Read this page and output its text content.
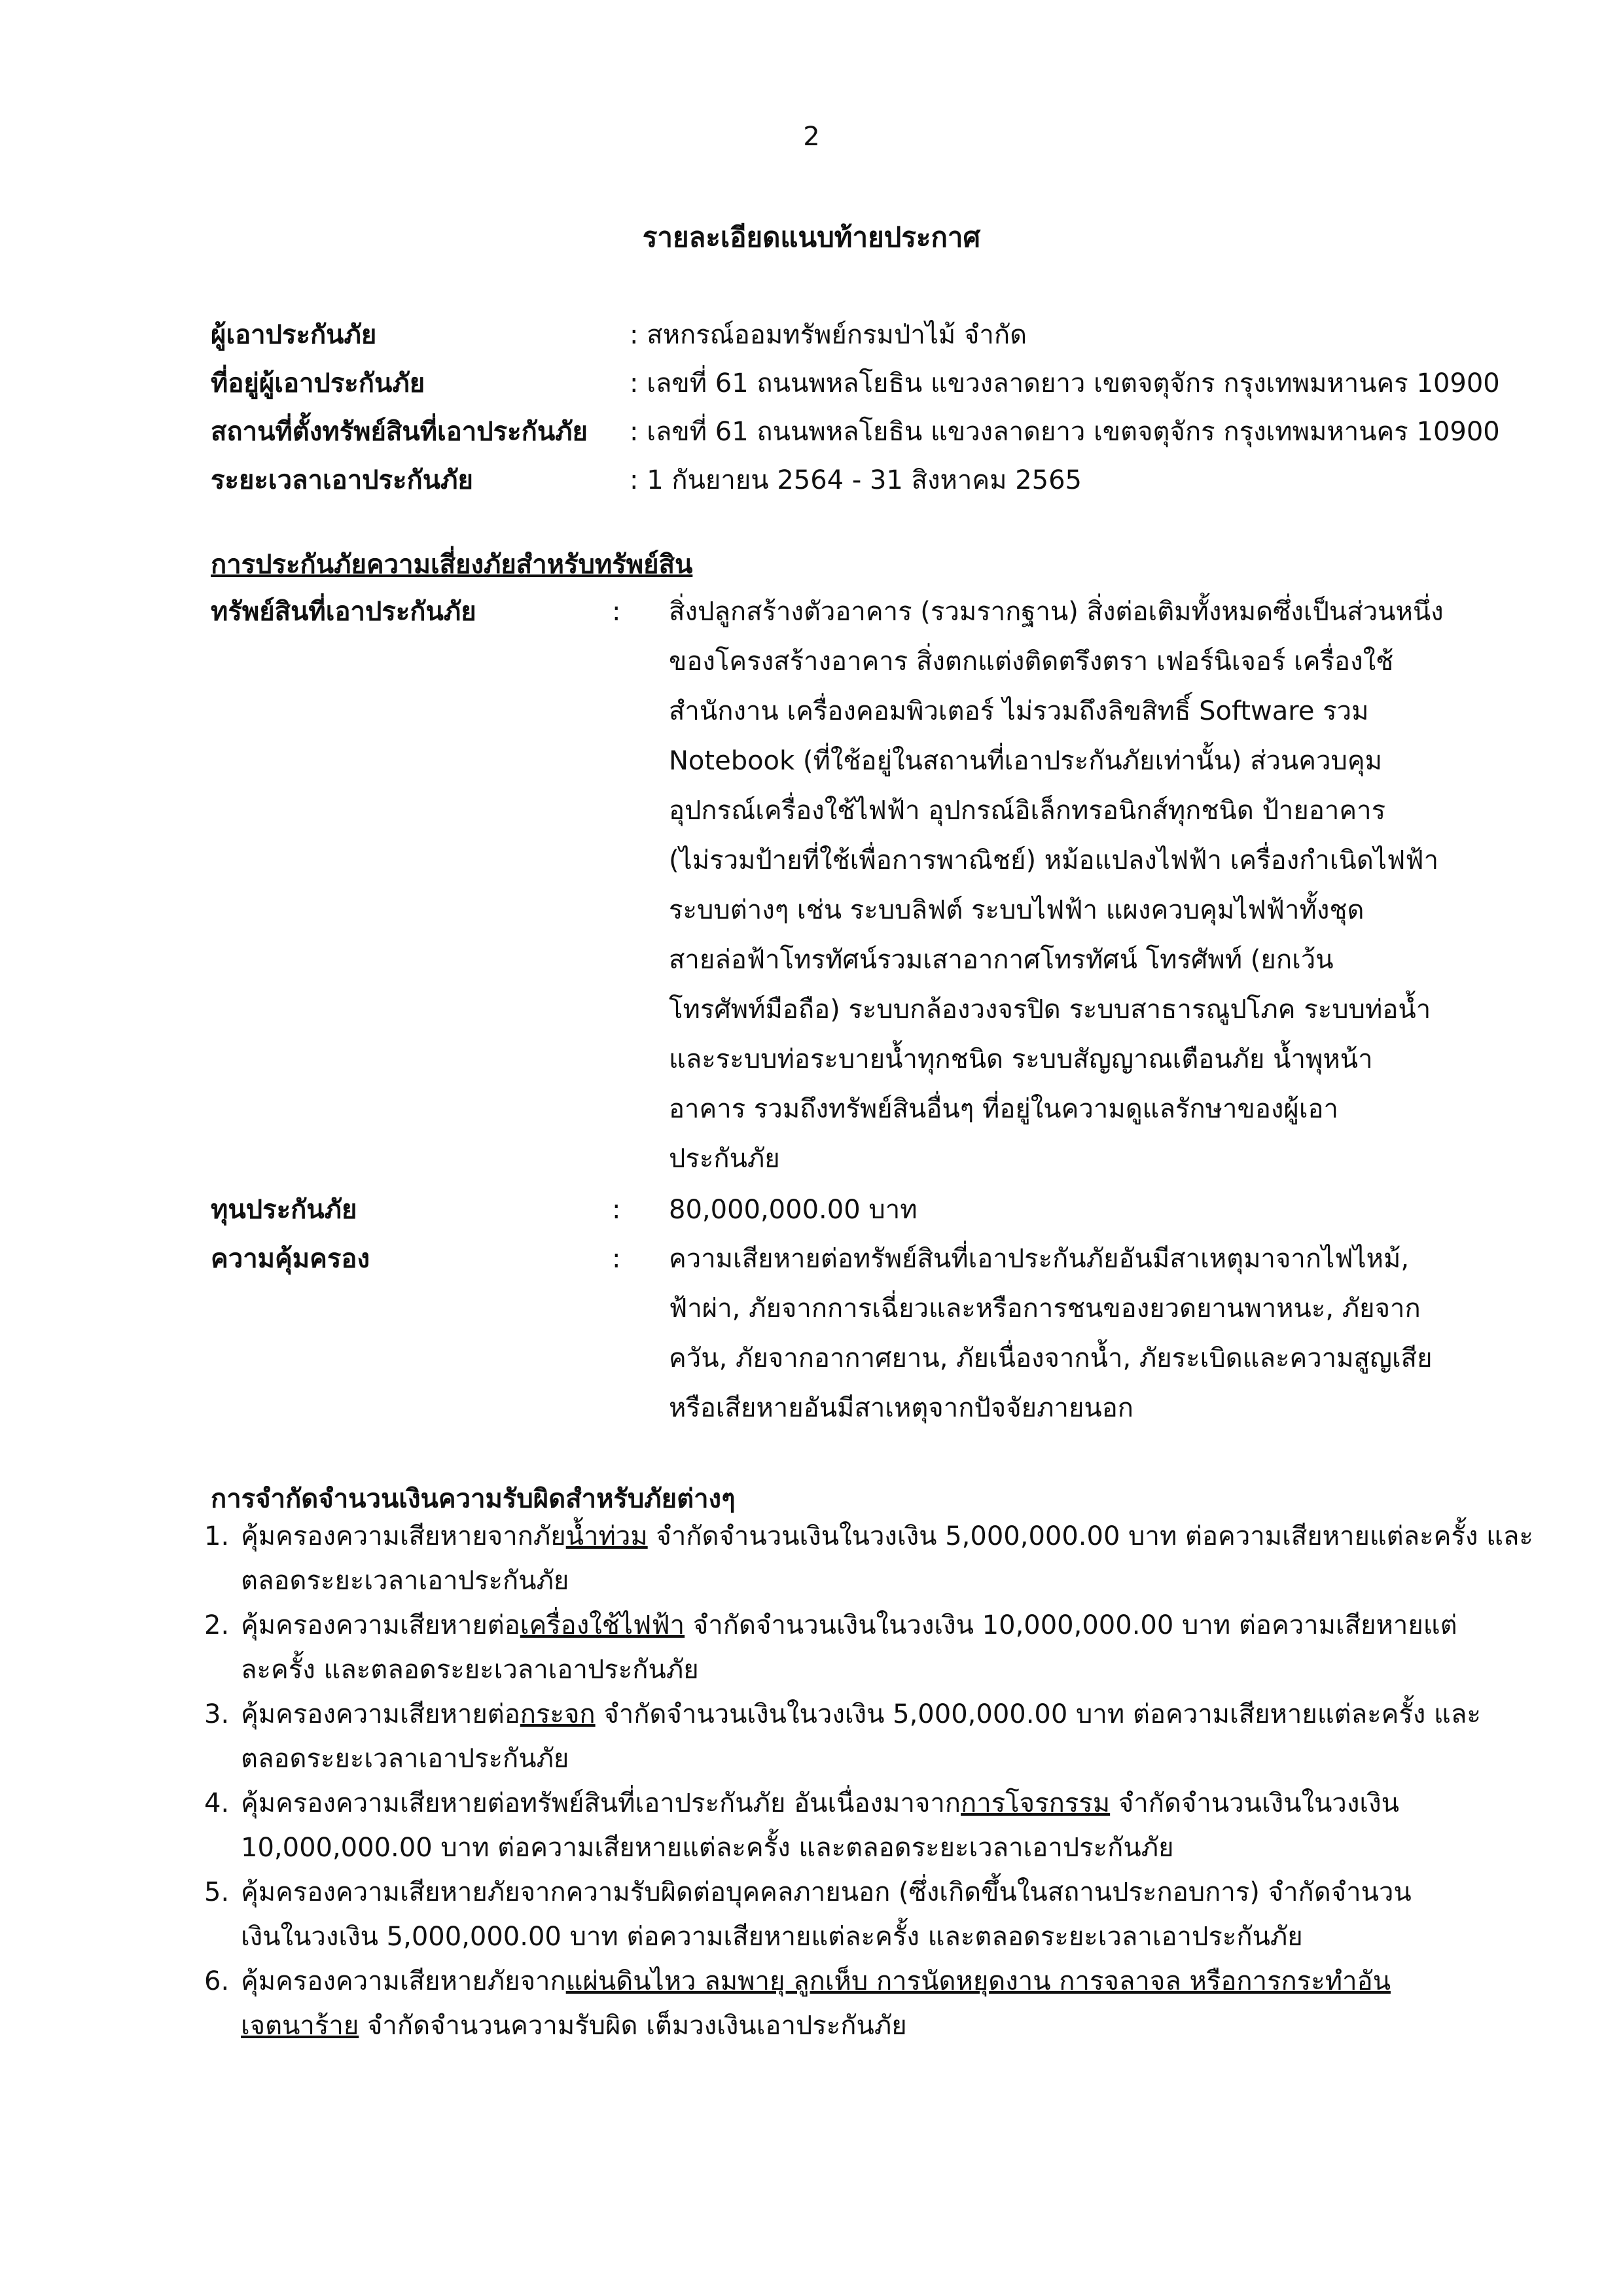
2
รายละเอียดแนบท้ายประกาศ
ผู้เอาประกันภัย	: สหกรณ์ออมทรัพย์กรมป่าไม้ จำกัด
ที่อยู่ผู้เอาประกันภัย	: เลขที่ 61 ถนนพหลโยธิน แขวงลาดยาว เขตจตุจักร กรุงเทพมหานคร 10900
สถานที่ตั้งทรัพย์สินที่เอาประกันภัย : เลขที่ 61 ถนนพหลโยธิน แขวงลาดยาว เขตจตุจักร กรุงเทพมหานคร 10900
ระยะเวลาเอาประกันภัย	: 1 กันยายน 2564 - 31 สิงหาคม 2565
การประกันภัยความเสี่ยงภัยสำหรับทรัพย์สิน
ทรัพย์สินที่เอาประกันภัย	: สิ่งปลูกสร้างตัวอาคาร (รวมรากฐาน) สิ่งต่อเติมทั้งหมดซึ่งเป็นส่วนหนึ่ง
ของโครงสร้างอาคาร สิ่งตกแต่งติดตรึงตรา เฟอร์นิเจอร์ เครื่องใช้
สำนักงาน เครื่องคอมพิวเตอร์ ไม่รวมถึงลิขสิทธิ์ Software รวม
Notebook (ที่ใช้อยู่ในสถานที่เอาประกันภัยเท่านั้น) ส่วนควบคุม
อุปกรณ์เครื่องใช้ไฟฟ้า อุปกรณ์อิเล็กทรอนิกส์ทุกชนิด ป้ายอาคาร
(ไม่รวมป้ายที่ใช้เพื่อการพาณิชย์) หม้อแปลงไฟฟ้า เครื่องกำเนิดไฟฟ้า
ระบบต่างๆ เช่น ระบบลิฟต์ ระบบไฟฟ้า แผงควบคุมไฟฟ้าทั้งชุด
สายล่อฟ้าโทรทัศน์รวมเสาอากาศโทรทัศน์ โทรศัพท์ (ยกเว้น
โทรศัพท์มือถือ) ระบบกล้องวงจรปิด ระบบสาธารณูปโภค ระบบท่อน้ำ
และระบบท่อระบายน้ำทุกชนิด ระบบสัญญาณเตือนภัย น้ำพุหน้า
อาคาร รวมถึงทรัพย์สินอื่นๆ ที่อยู่ในความดูแลรักษาของผู้เอา
ประกันภัย
ทุนประกันภัย	: 80,000,000.00 บาท
ความคุ้มครอง	: ความเสียหายต่อทรัพย์สินที่เอาประกันภัยอันมีสาเหตุมาจากไฟไหม้,
ฟ้าผ่า, ภัยจากการเฉี่ยวและหรือการชนของยวดยานพาหนะ, ภัยจาก
ควัน, ภัยจากอากาศยาน, ภัยเนื่องจากน้ำ, ภัยระเบิดและความสูญเสีย
หรือเสียหายอันมีสาเหตุจากปัจจัยภายนอก
การจำกัดจำนวนเงินความรับผิดสำหรับภัยต่างๆ
1. คุ้มครองความเสียหายจากภัยน้ำท่วม จำกัดจำนวนเงินในวงเงิน 5,000,000.00 บาท ต่อความเสียหายแต่ละครั้ง และ
ตลอดระยะเวลาเอาประกันภัย
2. คุ้มครองความเสียหายต่อเครื่องใช้ไฟฟ้า จำกัดจำนวนเงินในวงเงิน 10,000,000.00 บาท ต่อความเสียหายแต่
ละครั้ง และตลอดระยะเวลาเอาประกันภัย
3. คุ้มครองความเสียหายต่อกระจก จำกัดจำนวนเงินในวงเงิน 5,000,000.00 บาท ต่อความเสียหายแต่ละครั้ง และ
ตลอดระยะเวลาเอาประกันภัย
4. คุ้มครองความเสียหายต่อทรัพย์สินที่เอาประกันภัย อันเนื่องมาจากการโจรกรรม จำกัดจำนวนเงินในวงเงิน
10,000,000.00 บาท ต่อความเสียหายแต่ละครั้ง และตลอดระยะเวลาเอาประกันภัย
5. คุ้มครองความเสียหายภัยจากความรับผิดต่อบุคคลภายนอก (ซึ่งเกิดขึ้นในสถานประกอบการ) จำกัดจำนวน
เงินในวงเงิน 5,000,000.00 บาท ต่อความเสียหายแต่ละครั้ง และตลอดระยะเวลาเอาประกันภัย
6. คุ้มครองความเสียหายภัยจากแผ่นดินไหว ลมพายุ ลูกเห็บ การนัดหยุดงาน การจลาจล หรือการกระทำอัน
เจตนาร้าย จำกัดจำนวนความรับผิด เต็มวงเงินเอาประกันภัย
